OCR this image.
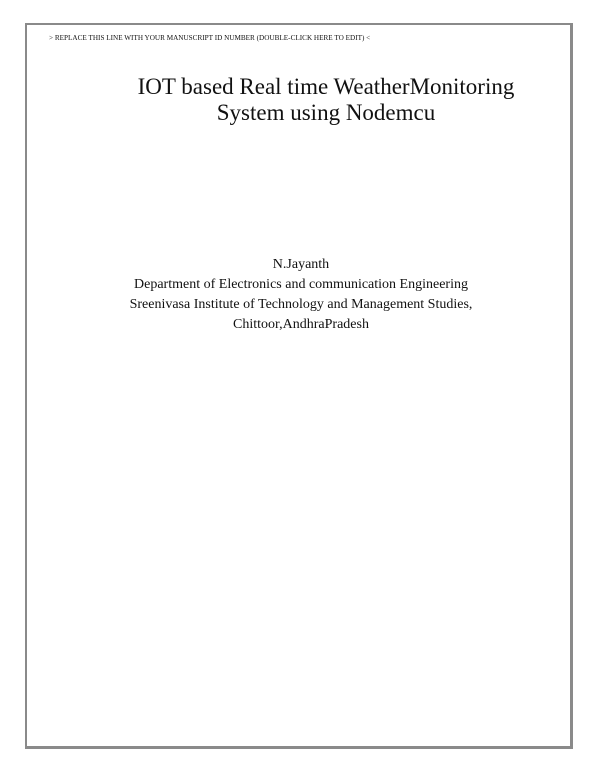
> REPLACE THIS LINE WITH YOUR MANUSCRIPT ID NUMBER (DOUBLE-CLICK HERE TO EDIT) <
IOT based Real time WeatherMonitoring
System using Nodemcu
N.Jayanth
Department of Electronics and communication Engineering
Sreenivasa Institute of Technology and Management Studies,
Chittoor,AndhraPradesh
